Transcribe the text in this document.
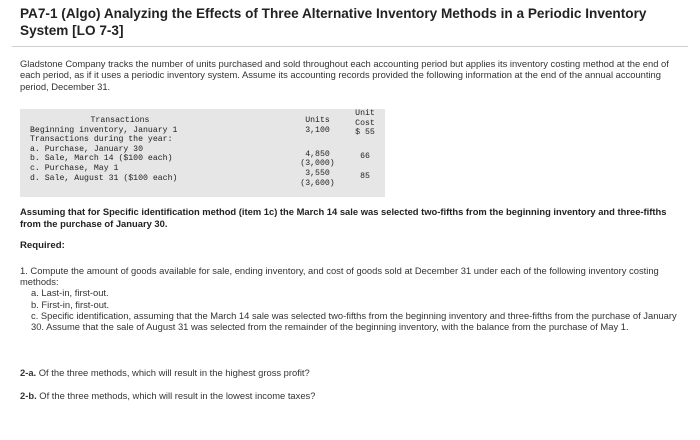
PA7-1 (Algo) Analyzing the Effects of Three Alternative Inventory Methods in a Periodic Inventory System [LO 7-3]
Gladstone Company tracks the number of units purchased and sold throughout each accounting period but applies its inventory costing method at the end of each period, as if it uses a periodic inventory system. Assume its accounting records provided the following information at the end of the annual accounting period, December 31.
Transactions
Beginning inventory, January 1
Transactions during the year:
a. Purchase, January 30
b. Sale, March 14 ($100 each)
c. Purchase, May 1
d. Sale, August 31 ($100 each)
Units
3,100
4,850
(3,000)
3,550
(3,600)
Unit
Cost
$ 55
66
85
Assuming that for Specific identification method (item 1c) the March 14 sale was selected two-fifths from the beginning inventory and three-fifths from the purchase of January 30.
Required:
1. Compute the amount of goods available for sale, ending inventory, and cost of goods sold at December 31 under each of the following inventory costing methods:
a. Last-in, first-out.
b. First-in, first-out.
c. Specific identification, assuming that the March 14 sale was selected two-fifths from the beginning inventory and three-fifths from the purchase of January 30. Assume that the sale of August 31 was selected from the remainder of the beginning inventory, with the balance from the purchase of May 1.
2-a. Of the three methods, which will result in the highest gross profit?
2-b. Of the three methods, which will result in the lowest income taxes?
